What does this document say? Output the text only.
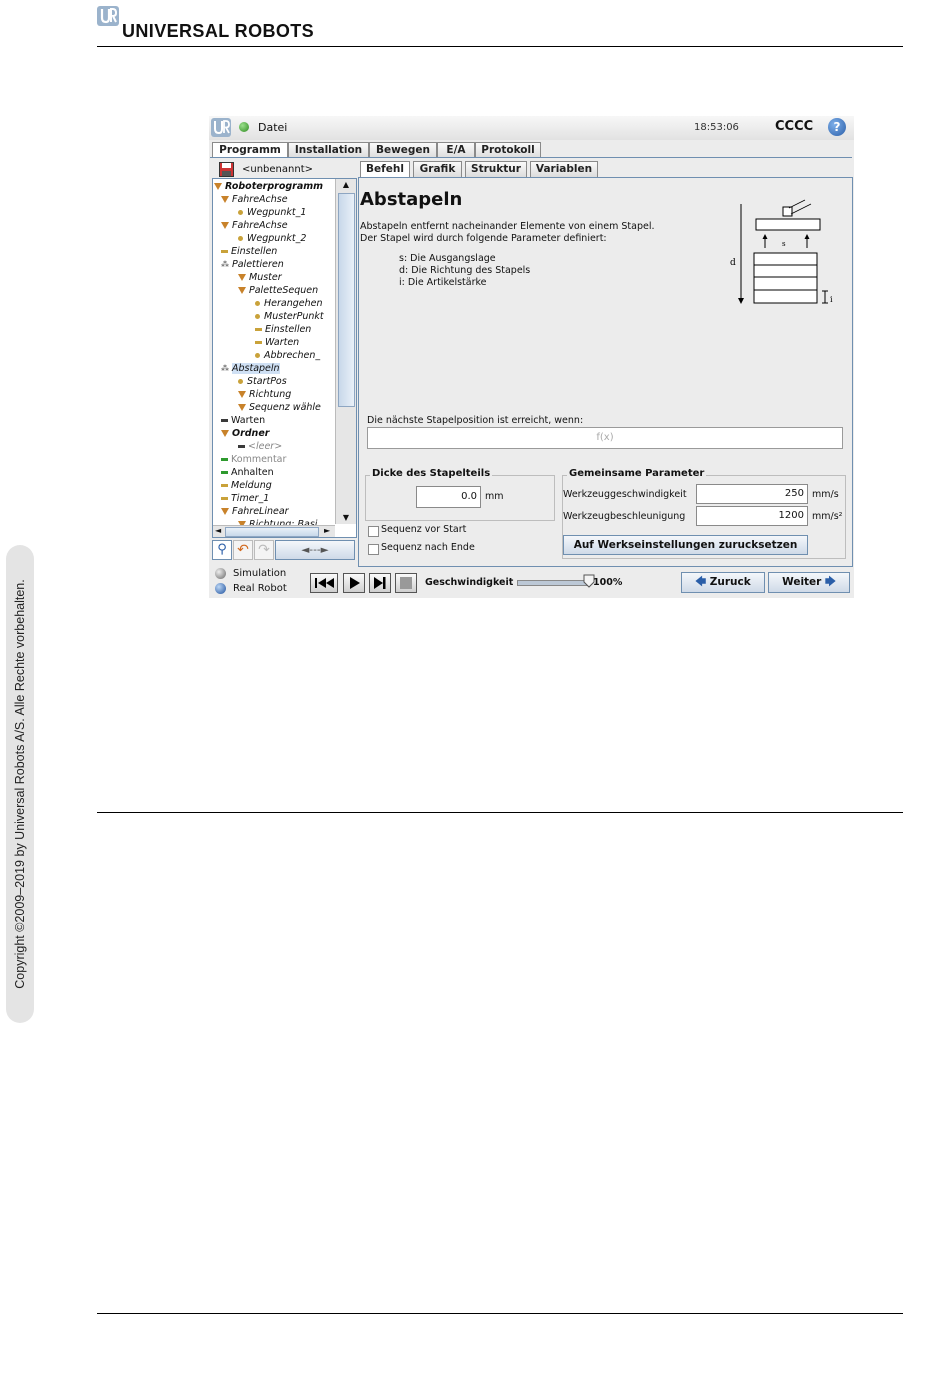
UNIVERSAL ROBOTS
Copyright ©2009–2019 by Universal Robots A/S. Alle Rechte vorbehalten.
Datei	18:53:06	CCCC	?
Programm	Installation	Bewegen	E/A	Protokoll
<unbenannt>	Befehl	Grafik	Struktur	Variablen
Roboterprogramm
FahreAchse
Wegpunkt_1
FahreAchse
Wegpunkt_2
Einstellen
⁂ Palettieren
Muster
PaletteSequen
Herangehen
MusterPunkt
Einstellen
Warten
Abbrechen_
⁂ Abstapeln
StartPos
Richtung
Sequenz wähle
Warten
Ordner
<leer>
Kommentar
Anhalten
Meldung
Timer_1
FahreLinear
▲
▼
◄	►
⚲ ↶ ↷	◄---►
Abstapeln
Abstapeln entfernt nacheinander Elemente von einem Stapel.
Der Stapel wird durch folgende Parameter definiert:
s: Die Ausgangslage
d: Die Richtung des Stapels
i: Die Artikelstärke
d
s
i
Die nächste Stapelposition ist erreicht, wenn:
f(x)
Dicke des Stapelteils
0.0 mm
Sequenz vor Start
Sequenz nach Ende
Gemeinsame Parameter
Werkzeuggeschwindigkeit	250 mm/s
Werkzeugbeschleunigung	1200 mm/s²
Auf Werkseinstellungen zurucksetzen
Simulation
Real Robot
Geschwindigkeit	100%	🡄 Zuruck	Weiter 🡆
